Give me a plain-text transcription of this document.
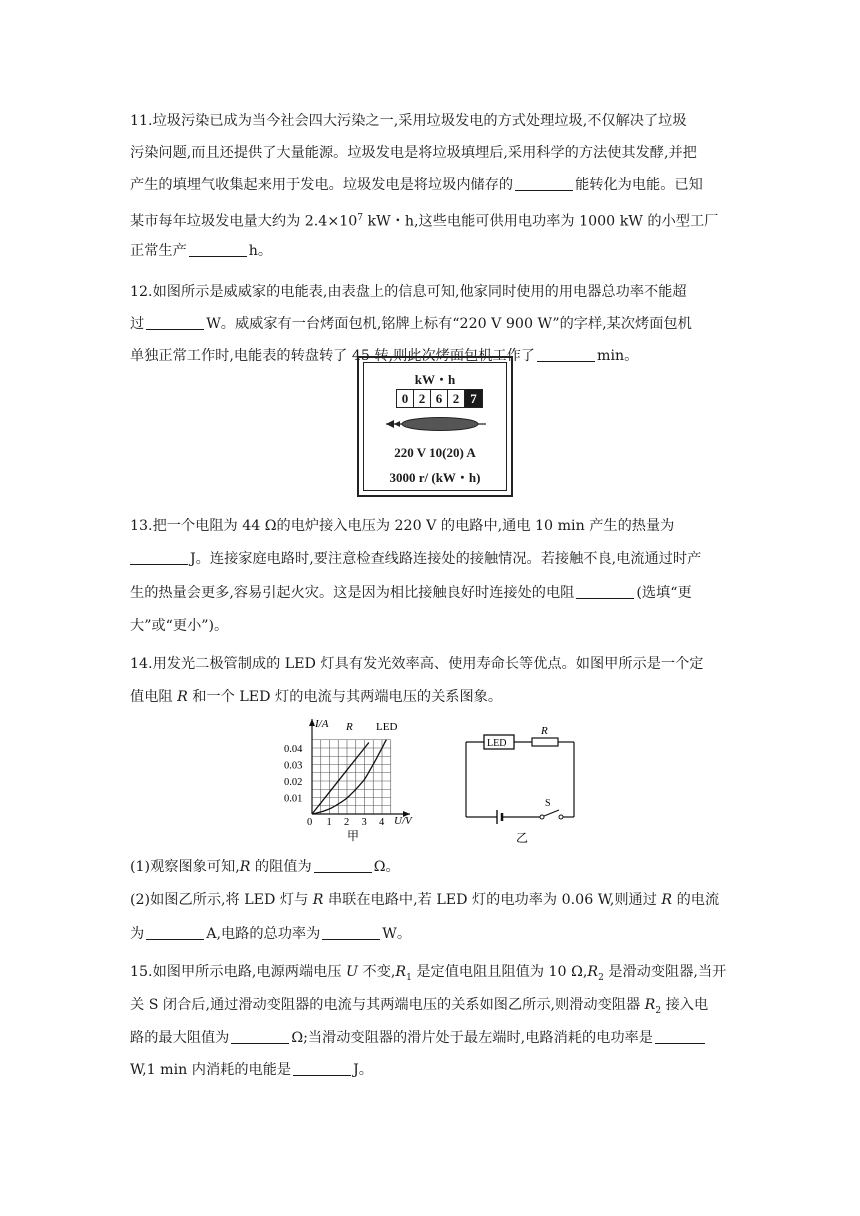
11.垃圾污染已成为当今社会四大污染之一,采用垃圾发电的方式处理垃圾,不仅解决了垃圾
污染问题,而且还提供了大量能源。垃圾发电是将垃圾填埋后,采用科学的方法使其发酵,并把
产生的填埋气收集起来用于发电。垃圾发电是将垃圾内储存的	能转化为电能。已知
某市每年垃圾发电量大约为 $2.4\times 10^7$ kW・h,这些电能可供用电功率为 1000 kW 的小型工厂
正常生产	h。
12.如图所示是威威家的电能表,由表盘上的信息可知,他家同时使用的用电器总功率不能超
过	W。威威家有一台烤面包机,铭牌上标有“220 V 900 W”的字样,某次烤面包机
单独正常工作时,电能表的转盘转了 45 转,则此次烤面包机工作了	min。
kW・h
0 2 6 2 7
220 V 10(20) A
3000 r/ (kW・h)
13.把一个电阻为 44 Ω的电炉接入电压为 220 V 的电路中,通电 10 min 产生的热量为
J。连接家庭电路时,要注意检查线路连接处的接触情况。若接触不良,电流通过时产
生的热量会更多,容易引起火灾。这是因为相比接触良好时连接处的电阻	(选填“更
大”或“更小”)。
14.用发光二极管制成的 LED 灯具有发光效率高、使用寿命长等优点。如图甲所示是一个定
值电阻 R 和一个 LED 灯的电流与其两端电压的关系图象。
I/A
U/V
0.04
0.03
0.02
0.01
0 1 2 3 4
R LED
甲
LED
R
S
乙
(1)观察图象可知,R 的阻值为	Ω。
(2)如图乙所示,将 LED 灯与 R 串联在电路中,若 LED 灯的电功率为 0.06 W,则通过 R 的电流
为	A,电路的总功率为	W。
15.如图甲所示电路,电源两端电压 U 不变$,R_1$ 是定值电阻且阻值为 10 $\Omega,R_2$ 是滑动变阻器,当开
关 S 闭合后,通过滑动变阻器的电流与其两端电压的关系如图乙所示,则滑动变阻器 $R_2$ 接入电
路的最大阻值为	Ω;当滑动变阻器的滑片处于最左端时,电路消耗的电功率是
W,1 min 内消耗的电能是	J。
